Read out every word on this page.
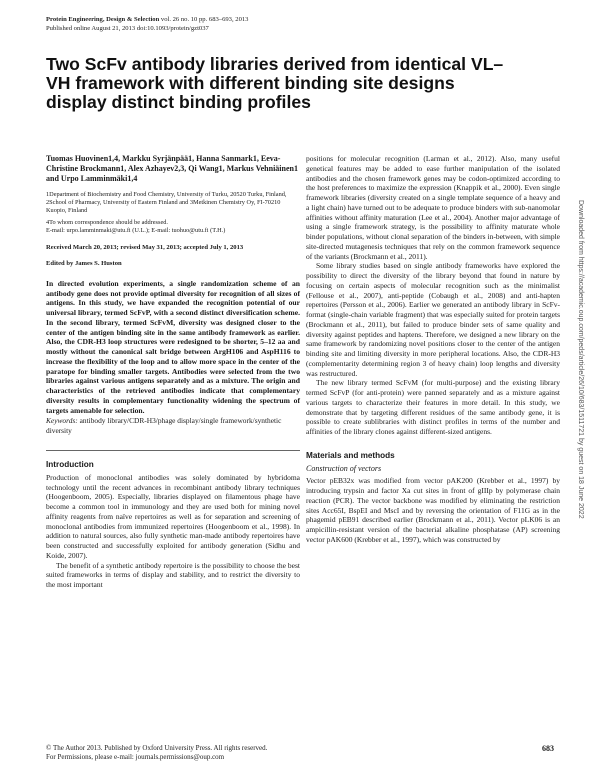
Protein Engineering, Design & Selection vol. 26 no. 10 pp. 683–693, 2013
Published online August 21, 2013 doi:10.1093/protein/gzt037
Two ScFv antibody libraries derived from identical VL–VH framework with different binding site designs display distinct binding profiles
Tuomas Huovinen1,4, Markku Syrjänpää1, Hanna Sanmark1, Eeva-Christine Brockmann1, Alex Azhayev2,3, Qi Wang1, Markus Vehniäinen1 and Urpo Lamminmäki1,4
1Department of Biochemistry and Food Chemistry, University of Turku, 20520 Turku, Finland, 2School of Pharmacy, University of Eastern Finland and 3Metkinen Chemistry Oy, FI-70210 Kuopio, Finland
4To whom correspondence should be addressed.
E-mail: urpo.lamminmaki@utu.fi (U.L.); E-mail: tuohuo@utu.fi (T.H.)
Received March 20, 2013; revised May 31, 2013; accepted July 1, 2013
Edited by James S. Huston
In directed evolution experiments, a single randomization scheme of an antibody gene does not provide optimal diversity for recognition of all sizes of antigens. In this study, we have expanded the recognition potential of our universal library, termed ScFvP, with a second distinct diversification scheme. In the second library, termed ScFvM, diversity was designed closer to the center of the antigen binding site in the same antibody framework as earlier. Also, the CDR-H3 loop structures were redesigned to be shorter, 5–12 aa and mostly without the canonical salt bridge between ArgH106 and AspH116 to increase the flexibility of the loop and to allow more space in the center of the paratope for binding smaller targets. Antibodies were selected from the two libraries against various antigens separately and as a mixture. The origin and characteristics of the retrieved antibodies indicate that complementary diversity results in complementary functionality widening the spectrum of targets amenable for selection.
Keywords: antibody library/CDR-H3/phage display/single framework/synthetic diversity
Introduction

Production of monoclonal antibodies was solely dominated by hybridoma technology until the recent advances in recombinant antibody library techniques (Hoogenboom, 2005). Especially, libraries displayed on filamentous phage have become a common tool in immunology and they are used both for mining novel affinity reagents from naïve repertoires as well as for separation and screening of monoclonal antibodies from immunized repertoires (Hoogenboom et al., 1998). In addition to natural sources, also fully synthetic man-made antibody repertoires have been constructed and successfully exploited for antibody generation (Sidhu and Koide, 2007).

The benefit of a synthetic antibody repertoire is the possibility to choose the best suited frameworks in terms of display and stability, and to restrict the diversity to the most important

positions for molecular recognition (Larman et al., 2012). Also, many useful genetical features may be added to ease further manipulation of the isolated antibodies and the chosen framework genes may be codon-optimized according to the host preferences to maximize the expression (Knappik et al., 2000). Even single framework libraries (diversity created on a single template sequence of a heavy and a light chain) have turned out to be adequate to produce binders with sub-nanomolar affinities without affinity maturation (Lee et al., 2004). Another major advantage of using a single framework strategy, is the possibility to affinity maturate whole binder populations, without clonal separation of the binders in-between, with simple site-directed mutagenesis techniques that rely on the common framework sequence of the variants (Brockmann et al., 2011).

Some library studies based on single antibody frameworks have explored the possibility to direct the diversity of the library beyond that found in nature by focusing on certain aspects of molecular recognition such as the minimalist (Fellouse et al., 2007), anti-peptide (Cobaugh et al., 2008) and anti-hapten repertoires (Persson et al., 2006). Earlier we generated an antibody library in ScFv-format (single-chain variable fragment) that was especially suited for protein targets (Brockmann et al., 2011), but failed to produce binder sets of same quality and diversity against peptides and haptens. Therefore, we designed a new library on the same framework by randomizing novel positions closer to the center of the antigen binding site and limiting diversity in more peripheral locations. Also, the CDR-H3 (complementarity determining region 3 of heavy chain) loop lengths and diversity was restructured.

The new library termed ScFvM (for multi-purpose) and the existing library termed ScFvP (for anti-protein) were panned separately and as a mixture against various targets to characterize their features in more detail. In this study, we demonstrate that by targeting different residues of the same antibody gene, it is possible to create sublibraries with distinct profiles in terms of the number and affinities of the library clones against different-sized antigens.

Materials and methods
Construction of vectors

Vector pEB32x was modified from vector pAK200 (Krebber et al., 1997) by introducing trypsin and factor Xa cut sites in front of gIIIp by polymerase chain reaction (PCR). The vector backbone was modified by eliminating the restriction sites Acc65I, BspEI and MscI and by reversing the orientation of F11G as in the phagemid pEB91 described earlier (Brockmann et al., 2011). Vector pLK06 is an ampicillin-resistant version of the bacterial alkaline phosphatase (AP) screening vector pAK600 (Krebber et al., 1997), which was constructed by

© The Author 2013. Published by Oxford University Press. All rights reserved.
For Permissions, please e-mail: journals.permissions@oup.com
683
Downloaded from https://academic.oup.com/peds/article/26/10/683/1511721 by guest on 18 June 2022
